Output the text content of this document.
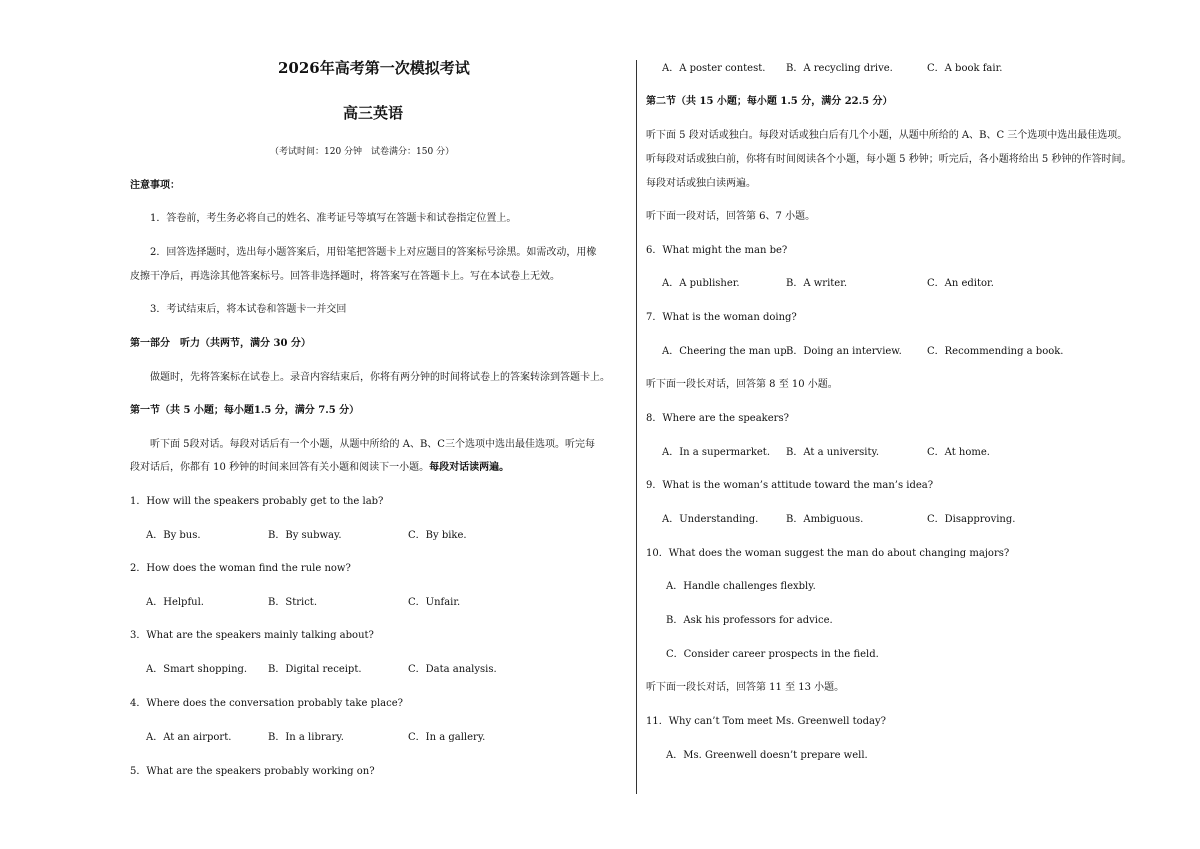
2026年高考第一次模拟考试
高三英语
（考试时间：120 分钟　试卷满分：150 分）
注意事项：
1．答卷前，考生务必将自己的姓名、准考证号等填写在答题卡和试卷指定位置上。
2．回答选择题时，选出每小题答案后，用铅笔把答题卡上对应题目的答案标号涂黑。如需改动，用橡
皮擦干净后，再选涂其他答案标号。回答非选择题时，将答案写在答题卡上。写在本试卷上无效。
3．考试结束后，将本试卷和答题卡一并交回
第一部分　听力（共两节，满分 30 分）
做题时，先将答案标在试卷上。录音内容结束后，你将有两分钟的时间将试卷上的答案转涂到答题卡上。
第一节（共 5 小题；每小题1.5 分，满分 7.5 分）
听下面 5段对话。每段对话后有一个小题，从题中所给的 A、B、C三个选项中选出最佳选项。听完每
段对话后，你都有 10 秒钟的时间来回答有关小题和阅读下一小题。每段对话读两遍。
1．How will the speakers probably get to the lab?
A．By bus.	B．By subway.	C．By bike.
2．How does the woman find the rule now?
A．Helpful.	B．Strict.	C．Unfair.
3．What are the speakers mainly talking about?
A．Smart shopping. B．Digital receipt.	C．Data analysis.
4．Where does the conversation probably take place?
A．At an airport.	B．In a library.	C．In a gallery.
5．What are the speakers probably working on?
A．A poster contest. B．A recycling drive.	C．A book fair.
第二节（共 15 小题；每小题 1.5 分，满分 22.5 分）
听下面 5 段对话或独白。每段对话或独白后有几个小题，从题中所给的 A、B、C 三个选项中选出最佳选项。
听每段对话或独白前，你将有时间阅读各个小题，每小题 5 秒钟；听完后，各小题将给出 5 秒钟的作答时间。
每段对话或独白读两遍。
听下面一段对话，回答第 6、7 小题。
6．What might the man be?
A．A publisher.	B．A writer.	C．An editor.
7．What is the woman doing?
A．Cheering the man up.
B．Doing an interview.	C．Recommending a book.
听下面一段长对话，回答第 8 至 10 小题。
8．Where are the speakers?
A．In a supermarket. B．At a university.	C．At home.
9．What is the woman’s attitude toward the man’s idea?
A．Understanding.	B．Ambiguous.	C．Disapproving.
10．What does the woman suggest the man do about changing majors?
A．Handle challenges flexbly.
B．Ask his professors for advice.
C．Consider career prospects in the field.
听下面一段长对话，回答第 11 至 13 小题。
11．Why can’t Tom meet Ms. Greenwell today?
A．Ms. Greenwell doesn’t prepare well.
